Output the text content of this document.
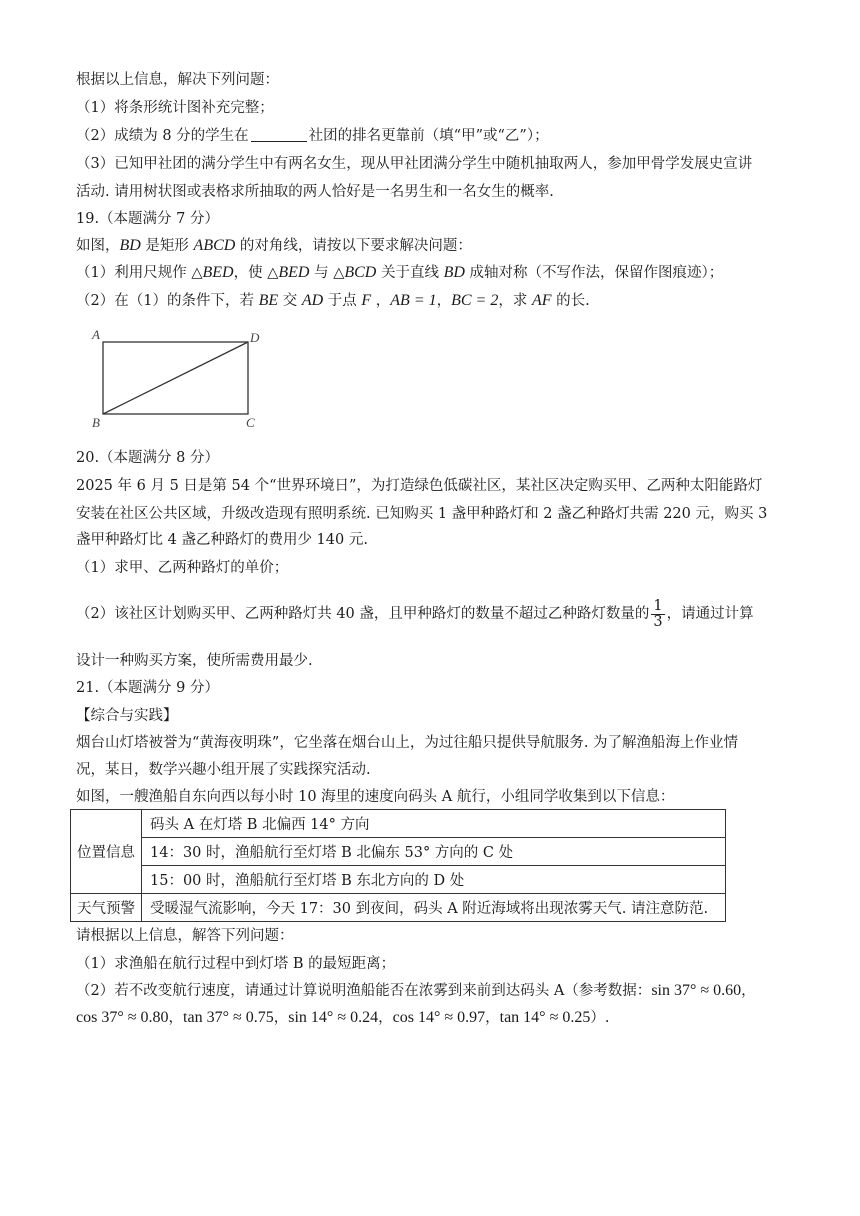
根据以上信息，解决下列问题：
（1）将条形统计图补充完整；
（2）成绩为 8 分的学生在	社团的排名更靠前（填“甲”或“乙”）；
（3）已知甲社团的满分学生中有两名女生，现从甲社团满分学生中随机抽取两人，参加甲骨学发展史宣讲
活动. 请用树状图或表格求所抽取的两人恰好是一名男生和一名女生的概率.
19.（本题满分 7 分）
如图，BD 是矩形 ABCD 的对角线，请按以下要求解决问题：
（1）利用尺规作 △BED，使 △BED 与 △BCD 关于直线 BD 成轴对称（不写作法，保留作图痕迹）；
（2）在（1）的条件下，若 BE 交 AD 于点 F ，AB = 1，BC = 2，求 AF 的长.
A	D
B	C
20.（本题满分 8 分）
2025 年 6 月 5 日是第 54 个“世界环境日”，为打造绿色低碳社区，某社区决定购买甲、乙两种太阳能路灯
安装在社区公共区域，升级改造现有照明系统. 已知购买 1 盏甲种路灯和 2 盏乙种路灯共需 220 元，购买 3
盏甲种路灯比 4 盏乙种路灯的费用少 140 元.
（1）求甲、乙两种路灯的单价；
（2）该社区计划购买甲、乙两种路灯共 40 盏，且甲种路灯的数量不超过乙种路灯数量的 $\frac{1}{3}$ ，请通过计算
设计一种购买方案，使所需费用最少.
21.（本题满分 9 分）
【综合与实践】
烟台山灯塔被誉为“黄海夜明珠”，它坐落在烟台山上，为过往船只提供导航服务. 为了解渔船海上作业情
况，某日，数学兴趣小组开展了实践探究活动.
如图，一艘渔船自东向西以每小时 10 海里的速度向码头 A 航行，小组同学收集到以下信息：
位置信息	码头 A 在灯塔 B 北偏西 14° 方向
	14：30 时，渔船航行至灯塔 B 北偏东 53° 方向的 C 处
	15：00 时，渔船航行至灯塔 B 东北方向的 D 处
天气预警	受暖湿气流影响，今天 17：30 到夜间，码头 A 附近海域将出现浓雾天气. 请注意防范.
请根据以上信息，解答下列问题：
（1）求渔船在航行过程中到灯塔 B 的最短距离；
（2）若不改变航行速度，请通过计算说明渔船能否在浓雾到来前到达码头 A（参考数据：sin 37° ≈ 0.60，
cos 37° ≈ 0.80，tan 37° ≈ 0.75，sin 14° ≈ 0.24，cos 14° ≈ 0.97，tan 14° ≈ 0.25）.
